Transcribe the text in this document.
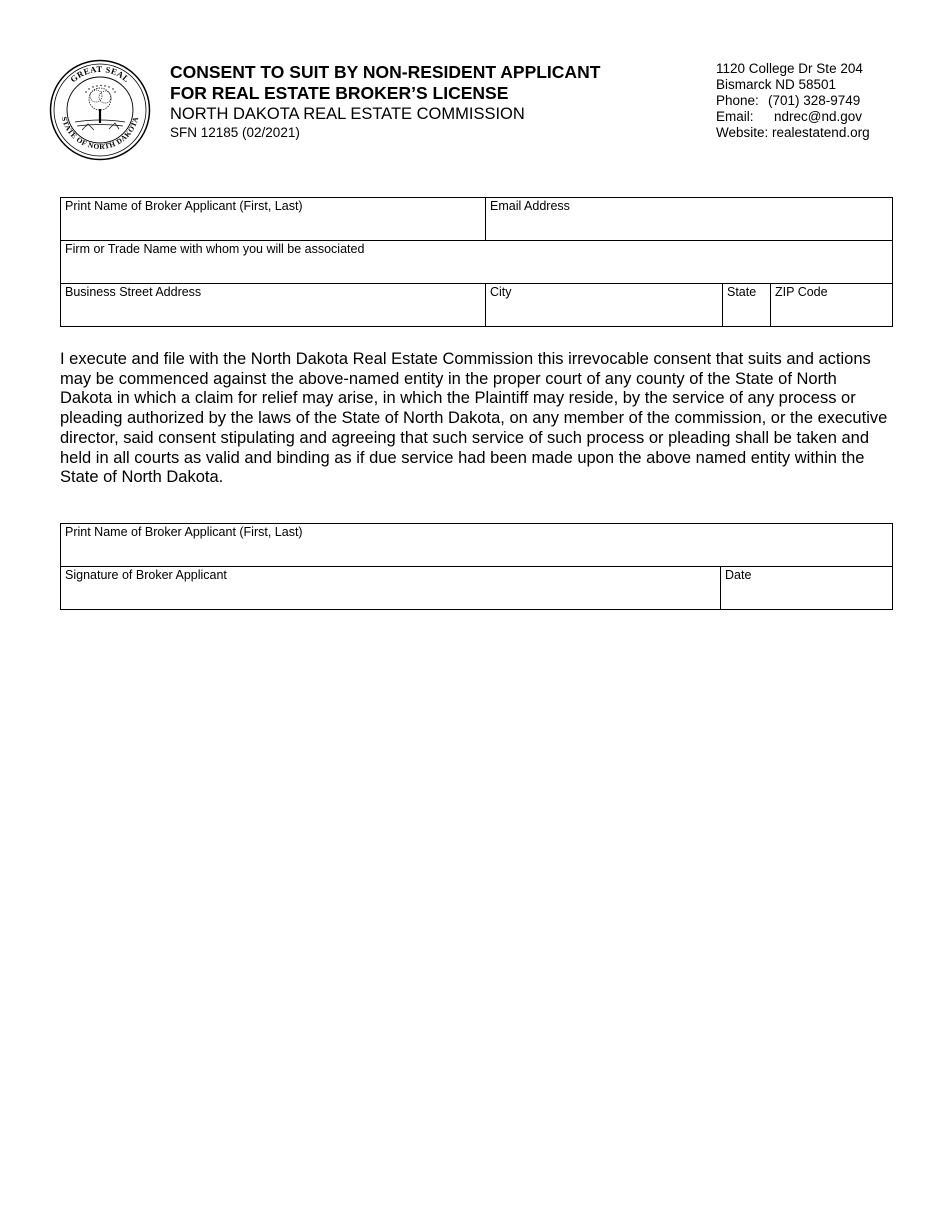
GREAT SEAL
STATE OF NORTH DAKOTA
CONSENT TO SUIT BY NON-RESIDENT APPLICANT
FOR REAL ESTATE BROKER’S LICENSE
NORTH DAKOTA REAL ESTATE COMMISSION
SFN 12185 (02/2021)
1120 College Dr Ste 204
Bismarck ND 58501
Phone: (701) 328-9749
Email: ndrec@nd.gov
Website: realestatend.org
Print Name of Broker Applicant (First, Last)	Email Address		
Firm or Trade Name with whom you will be associated			
Business Street Address	City	State	ZIP Code
I execute and file with the North Dakota Real Estate Commission this irrevocable consent that suits and actions may be commenced against the above-named entity in the proper court of any county of the State of North Dakota in which a claim for relief may arise, in which the Plaintiff may reside, by the service of any process or pleading authorized by the laws of the State of North Dakota, on any member of the commission, or the executive director, said consent stipulating and agreeing that such service of such process or pleading shall be taken and held in all courts as valid and binding as if due service had been made upon the above named entity within the State of North Dakota.
Print Name of Broker Applicant (First, Last)
Signature of Broker Applicant	Date
